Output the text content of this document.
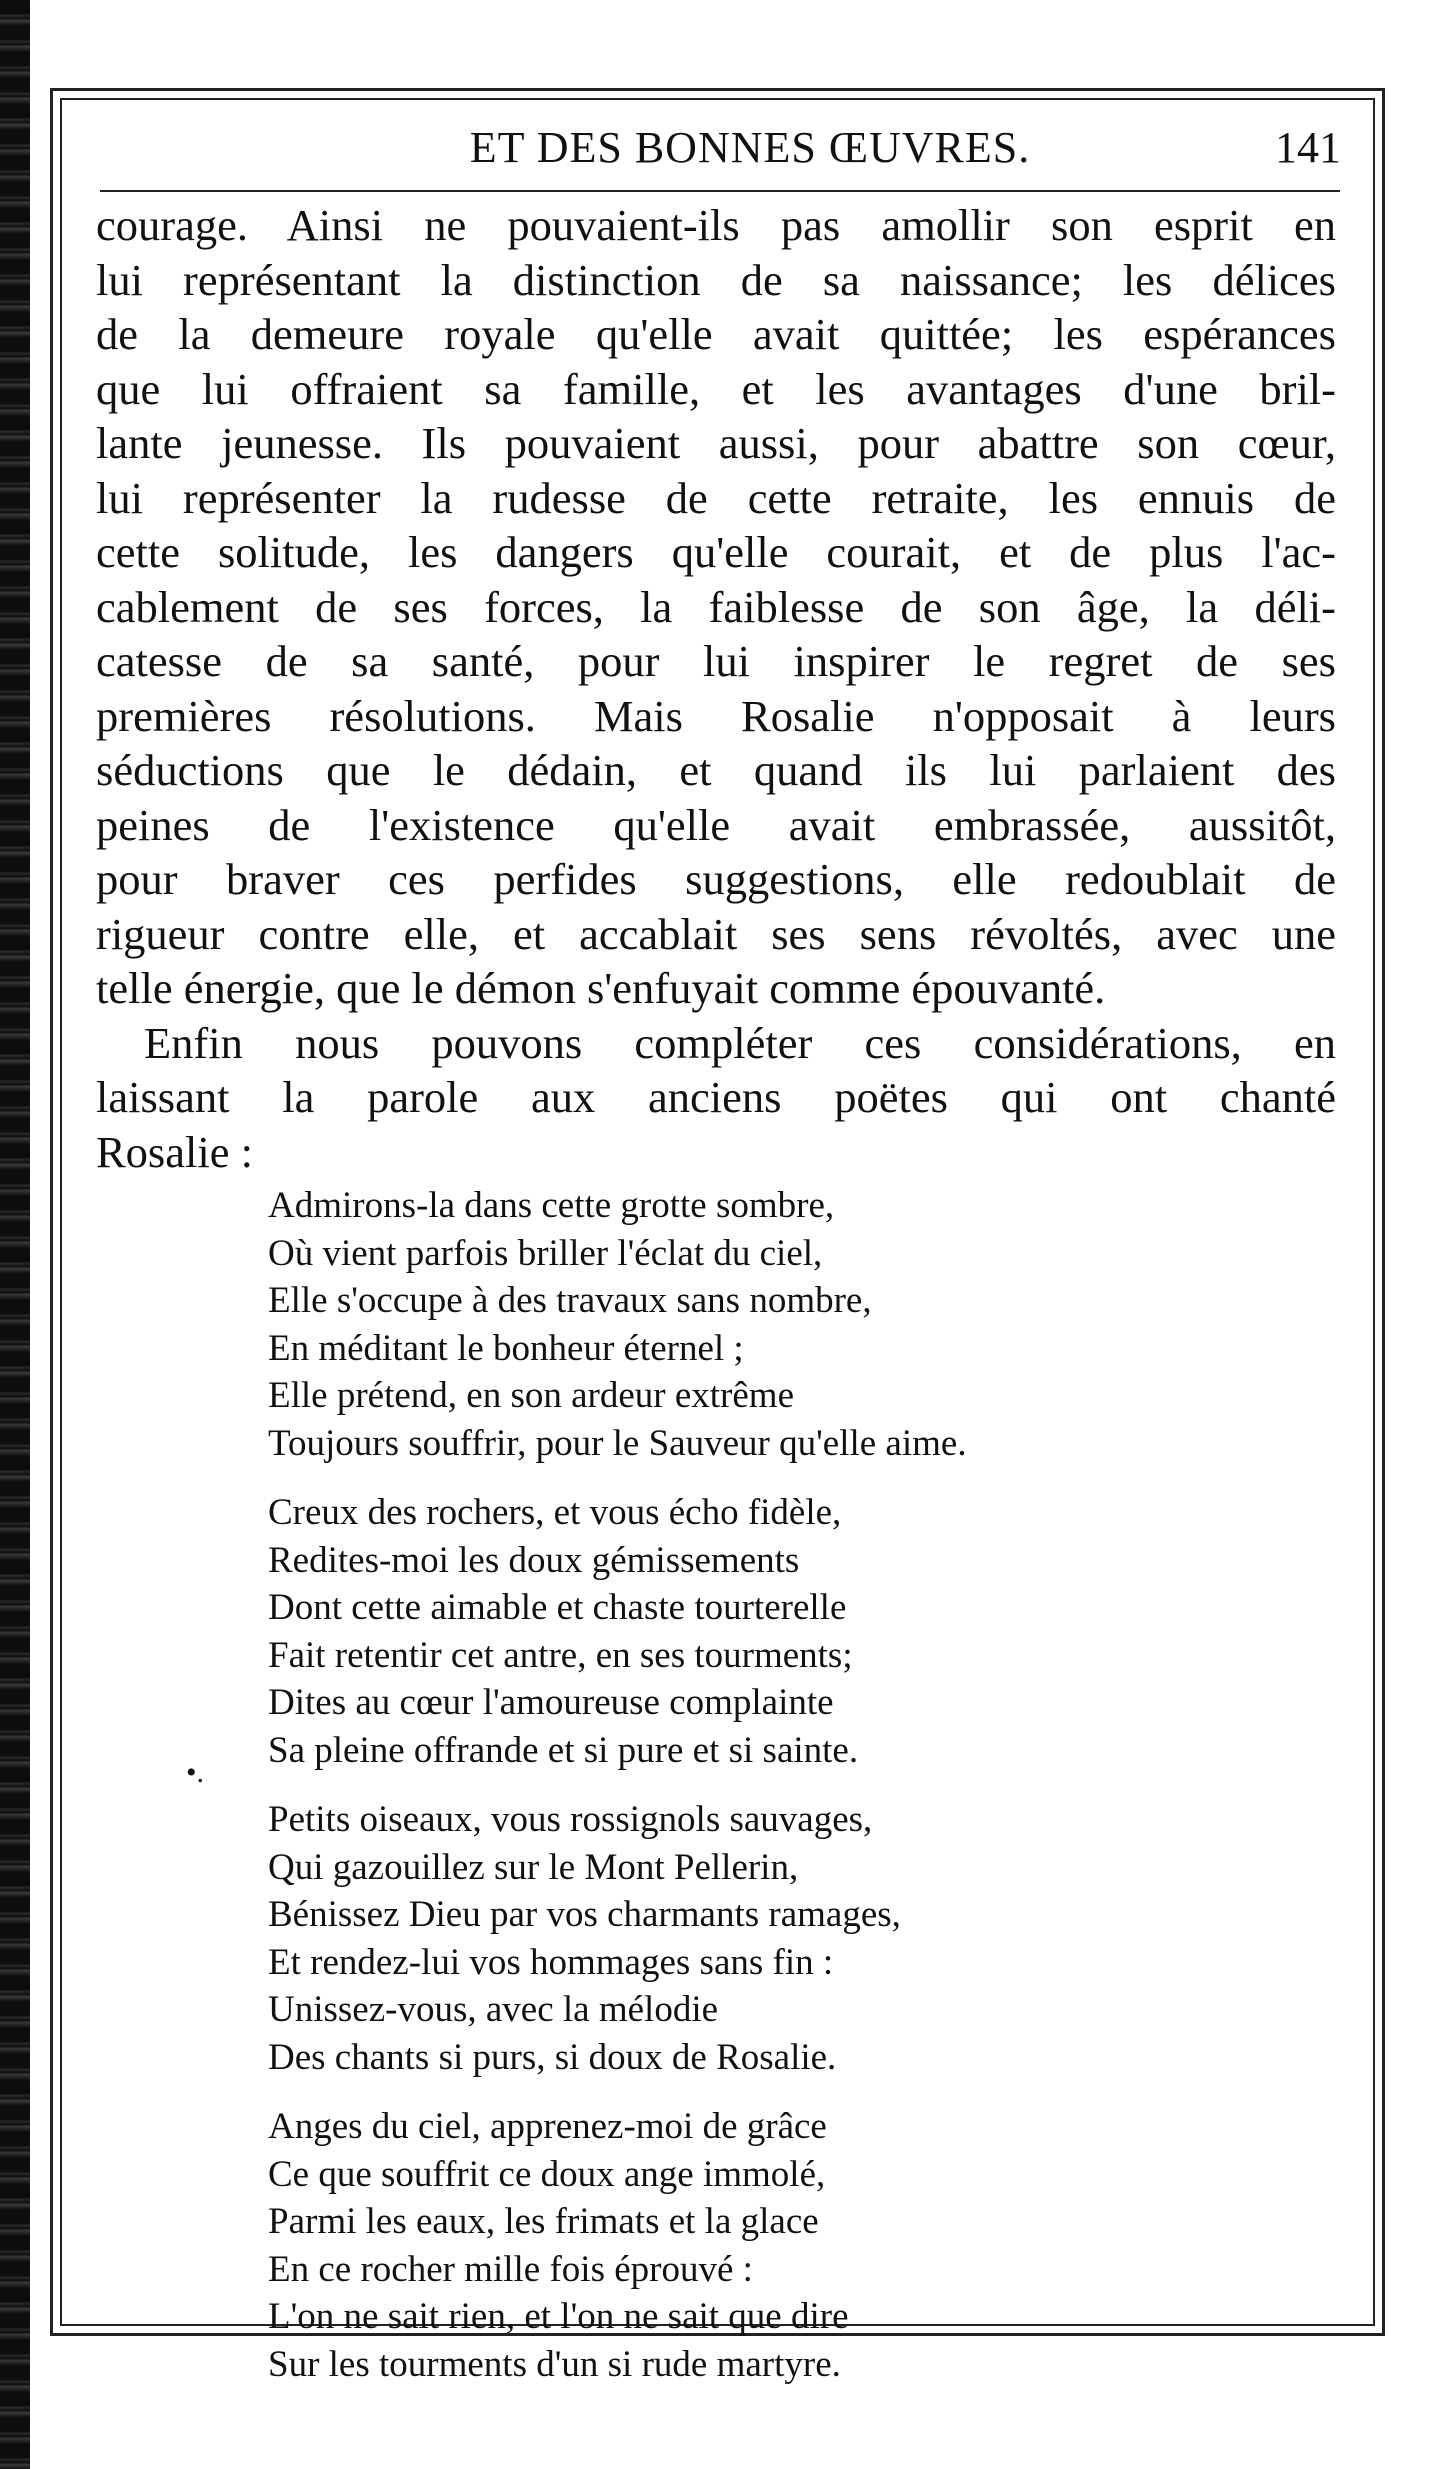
ET DES BONNES ŒUVRES.	141
courage. Ainsi ne pouvaient-ils pas amollir son esprit en
lui représentant la distinction de sa naissance; les délices
de la demeure royale qu'elle avait quittée; les espérances
que lui offraient sa famille, et les avantages d'une bril-
lante jeunesse. Ils pouvaient aussi, pour abattre son cœur,
lui représenter la rudesse de cette retraite, les ennuis de
cette solitude, les dangers qu'elle courait, et de plus l'ac-
cablement de ses forces, la faiblesse de son âge, la déli-
catesse de sa santé, pour lui inspirer le regret de ses
premières résolutions. Mais Rosalie n'opposait à leurs
séductions que le dédain, et quand ils lui parlaient des
peines de l'existence qu'elle avait embrassée, aussitôt,
pour braver ces perfides suggestions, elle redoublait de
rigueur contre elle, et accablait ses sens révoltés, avec une
telle énergie, que le démon s'enfuyait comme épouvanté.
Enfin nous pouvons compléter ces considérations, en
laissant la parole aux anciens poëtes qui ont chanté
Rosalie :
Admirons-la dans cette grotte sombre,
Où vient parfois briller l'éclat du ciel,
Elle s'occupe à des travaux sans nombre,
En méditant le bonheur éternel ;
Elle prétend, en son ardeur extrême
Toujours souffrir, pour le Sauveur qu'elle aime.
Creux des rochers, et vous écho fidèle,
Redites-moi les doux gémissements
Dont cette aimable et chaste tourterelle
Fait retentir cet antre, en ses tourments;
Dites au cœur l'amoureuse complainte
Sa pleine offrande et si pure et si sainte.
Petits oiseaux, vous rossignols sauvages,
Qui gazouillez sur le Mont Pellerin,
Bénissez Dieu par vos charmants ramages,
Et rendez-lui vos hommages sans fin :
Unissez-vous, avec la mélodie
Des chants si purs, si doux de Rosalie.
Anges du ciel, apprenez-moi de grâce
Ce que souffrit ce doux ange immolé,
Parmi les eaux, les frimats et la glace
En ce rocher mille fois éprouvé :
L'on ne sait rien, et l'on ne sait que dire
Sur les tourments d'un si rude martyre.
•.
